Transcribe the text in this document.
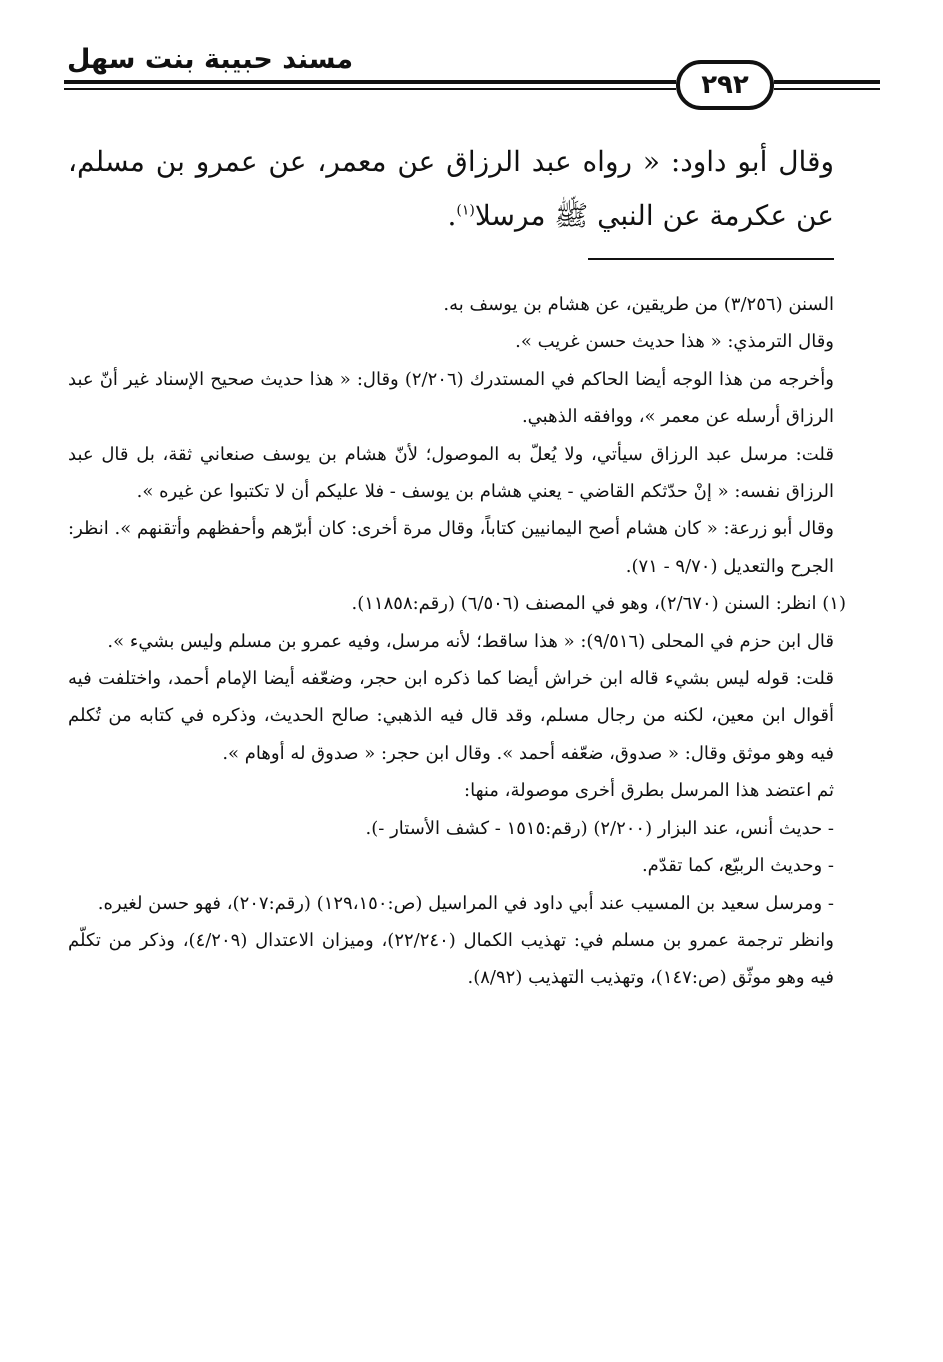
مسند حبيبة بنت سهل
٢٩٢
وقال أبو داود: « رواه عبد الرزاق عن معمر، عن عمرو بن مسلم، عن عكرمة عن النبي ﷺ مرسلا$^{(١)}$.

السنن (٣/٢٥٦) من طريقين، عن هشام بن يوسف به.

وقال الترمذي: « هذا حديث حسن غريب ».

وأخرجه من هذا الوجه أيضا الحاكم في المستدرك (٢/٢٠٦) وقال: « هذا حديث صحيح الإسناد غير أنّ عبد الرزاق أرسله عن معمر »، ووافقه الذهبي.

قلت: مرسل عبد الرزاق سيأتي، ولا يُعلّ به الموصول؛ لأنّ هشام بن يوسف صنعاني ثقة، بل قال عبد الرزاق نفسه: « إنْ حدّثكم القاضي - يعني هشام بن يوسف - فلا عليكم أن لا تكتبوا عن غيره ».

وقال أبو زرعة: « كان هشام أصح اليمانيين كتاباً، وقال مرة أخرى: كان أبرّهم وأحفظهم وأتقنهم ». انظر: الجرح والتعديل (٩/٧٠ - ٧١).

(١) انظر: السنن (٢/٦٧٠)، وهو في المصنف (٦/٥٠٦) (رقم:١١٨٥٨).

قال ابن حزم في المحلى (٩/٥١٦): « هذا ساقط؛ لأنه مرسل، وفيه عمرو بن مسلم وليس بشيء ».

قلت: قوله ليس بشيء قاله ابن خراش أيضا كما ذكره ابن حجر، وضعّفه أيضا الإمام أحمد، واختلفت فيه أقوال ابن معين، لكنه من رجال مسلم، وقد قال فيه الذهبي: صالح الحديث، وذكره في كتابه من تُكلم فيه وهو موثق وقال: « صدوق، ضعّفه أحمد ». وقال ابن حجر: « صدوق له أوهام ».

ثم اعتضد هذا المرسل بطرق أخرى موصولة، منها:

- حديث أنس، عند البزار (٢/٢٠٠) (رقم:١٥١٥ - كشف الأستار -).

- وحديث الربيّع، كما تقدّم.

- ومرسل سعيد بن المسيب عند أبي داود في المراسيل (ص:١٢٩،١٥٠) (رقم:٢٠٧)، فهو حسن لغيره.

وانظر ترجمة عمرو بن مسلم في: تهذيب الكمال (٢٢/٢٤٠)، وميزان الاعتدال (٤/٢٠٩)، وذكر من تكلّم فيه وهو موثّق (ص:١٤٧)، وتهذيب التهذيب (٨/٩٢).
